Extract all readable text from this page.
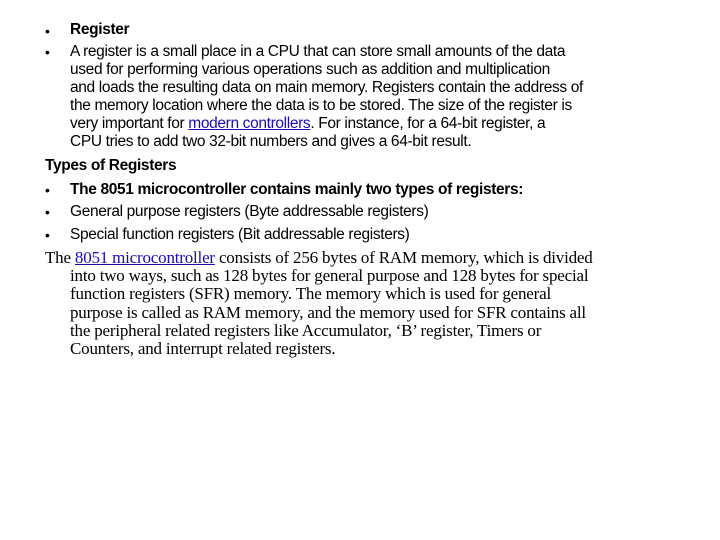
• Register
• A register is a small place in a CPU that can store small amounts of the data
used for performing various operations such as addition and multiplication
and loads the resulting data on main memory. Registers contain the address of
the memory location where the data is to be stored. The size of the register is
very important for modern controllers. For instance, for a 64-bit register, a
CPU tries to add two 32-bit numbers and gives a 64-bit result.
Types of Registers
• The 8051 microcontroller contains mainly two types of registers:
• General purpose registers (Byte addressable registers)
• Special function registers (Bit addressable registers)
The 8051 microcontroller consists of 256 bytes of RAM memory, which is divided
into two ways, such as 128 bytes for general purpose and 128 bytes for special
function registers (SFR) memory. The memory which is used for general
purpose is called as RAM memory, and the memory used for SFR contains all
the peripheral related registers like Accumulator, ‘B’ register, Timers or
Counters, and interrupt related registers.
